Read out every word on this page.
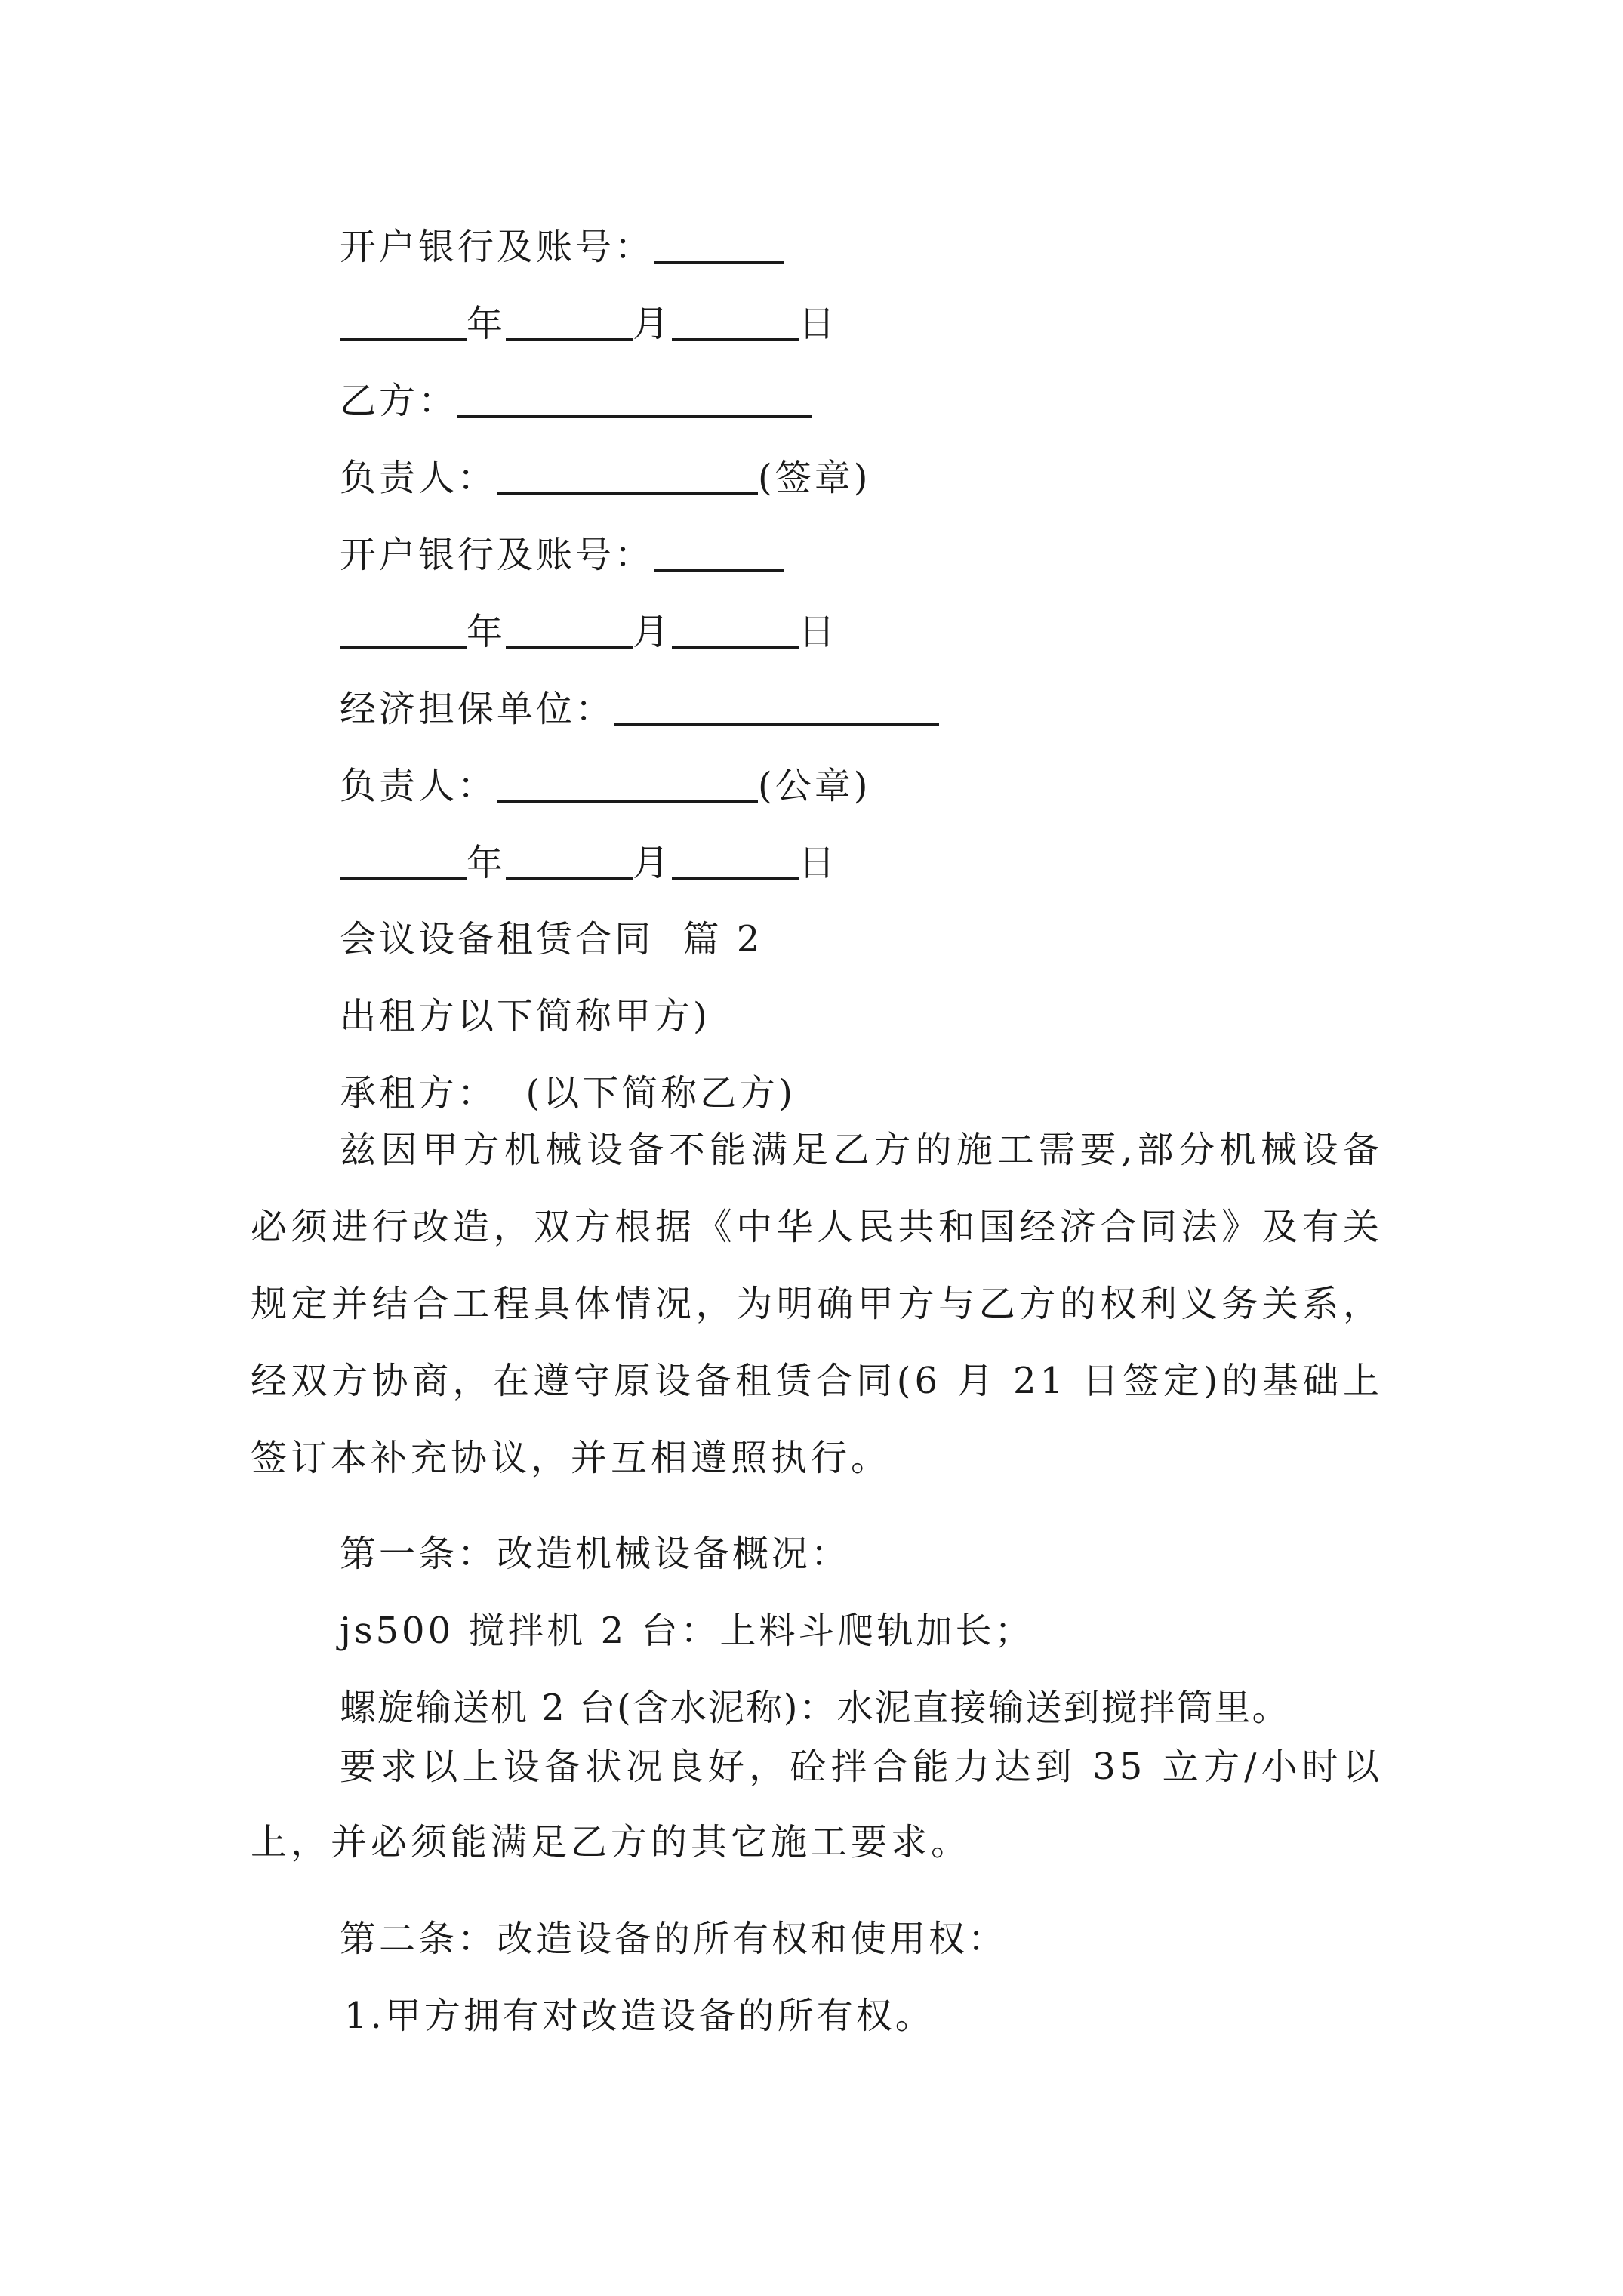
开户银行及账号：
年	月	日
乙方：
负责人：	(签章)
开户银行及账号：
年	月	日
经济担保单位：
负责人：	(公章)
年	月	日
会议设备租赁合同  篇 2
出租方以下简称甲方)
承租方：  (以下简称乙方)

兹因甲方机械设备不能满足乙方的施工需要,部分机械设备必须进行改造，双方根据《中华人民共和国经济合同法》及有关规定并结合工程具体情况，为明确甲方与乙方的权利义务关系，经双方协商，在遵守原设备租赁合同(6 月 21 日签定)的基础上签订本补充协议，并互相遵照执行。

第一条：改造机械设备概况：
js500 搅拌机 2 台：上料斗爬轨加长；
螺旋输送机 2 台(含水泥称)：水泥直接输送到搅拌筒里。

要求以上设备状况良好，砼拌合能力达到 35 立方/小时以上，并必须能满足乙方的其它施工要求。

第二条：改造设备的所有权和使用权：
1.甲方拥有对改造设备的所有权。
